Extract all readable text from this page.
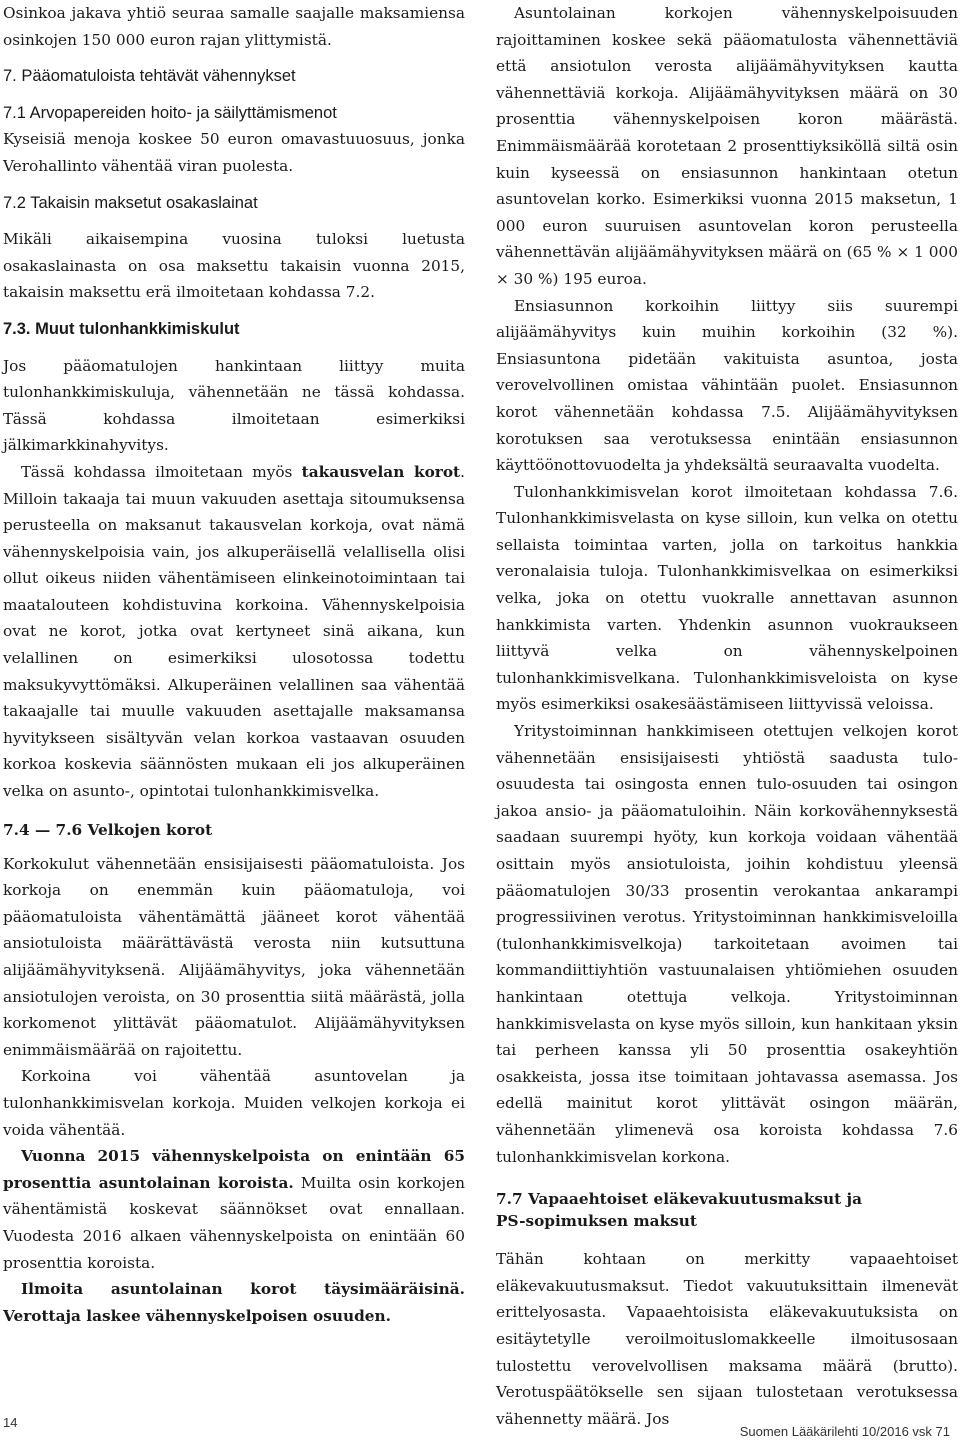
Osinkoa jakava yhtiö seuraa samalle saajalle maksamiensa osinkojen 150 000 euron rajan ylittymistä.

7. Pääomatuloista tehtävät vähennykset
7.1 Arvopapereiden hoito- ja säilyttämismenot

Kyseisiä menoja koskee 50 euron omavastuuosuus, jonka Verohallinto vähentää viran puolesta.

7.2 Takaisin maksetut osakaslainat

Mikäli aikaisempina vuosina tuloksi luetusta osakaslainasta on osa maksettu takaisin vuonna 2015, takaisin maksettu erä ilmoitetaan kohdassa 7.2.

7.3. Muut tulonhankkimiskulut

Jos pääomatulojen hankintaan liittyy muita tulonhankkimiskuluja, vähennetään ne tässä kohdassa. Tässä kohdassa ilmoitetaan esimerkiksi jälkimarkkinahyvitys.

Tässä kohdassa ilmoitetaan myös takausvelan korot. Milloin takaaja tai muun vakuuden asettaja sitoumuksensa perusteella on maksanut takausvelan korkoja, ovat nämä vähennyskelpoisia vain, jos alkuperäisellä velallisella olisi ollut oikeus niiden vähentämiseen elinkeinotoimintaan tai maatalouteen kohdistuvina korkoina. Vähennyskelpoisia ovat ne korot, jotka ovat kertyneet sinä aikana, kun velallinen on esimerkiksi ulosotossa todettu maksukyvyttömäksi. Alkuperäinen velallinen saa vähentää takaajalle tai muulle vakuuden asettajalle maksamansa hyvitykseen sisältyvän velan korkoa vastaavan osuuden korkoa koskevia säännösten mukaan eli jos alkuperäinen velka on asunto-, opintotai tulonhankkimisvelka.

7.4 — 7.6 Velkojen korot

Korkokulut vähennetään ensisijaisesti pääomatuloista. Jos korkoja on enemmän kuin pääomatuloja, voi pääomatuloista vähentämättä jääneet korot vähentää ansiotuloista määrättävästä verosta niin kutsuttuna alijäämähyvityksenä. Alijäämähyvitys, joka vähennetään ansiotulojen veroista, on 30 prosenttia siitä määrästä, jolla korkomenot ylittävät pääomatulot. Alijäämähyvityksen enimmäismäärää on rajoitettu.

Korkoina voi vähentää asuntovelan ja tulonhankkimisvelan korkoja. Muiden velkojen korkoja ei voida vähentää.

Vuonna 2015 vähennyskelpoista on enintään 65 prosenttia asuntolainan koroista. Muilta osin korkojen vähentämistä koskevat säännökset ovat ennallaan. Vuodesta 2016 alkaen vähennyskelpoista on enintään 60 prosenttia koroista.

Ilmoita asuntolainan korot täysimääräisinä. Verottaja laskee vähennyskelpoisen osuuden.

Asuntolainan korkojen vähennyskelpoisuuden rajoittaminen koskee sekä pääomatulosta vähennettäviä että ansiotulon verosta alijäämähyvityksen kautta vähennettäviä korkoja. Alijäämähyvityksen määrä on 30 prosenttia vähennyskelpoisen koron määrästä. Enimmäismäärää korotetaan 2 prosenttiyksiköllä siltä osin kuin kyseessä on ensiasunnon hankintaan otetun asuntovelan korko. Esimerkiksi vuonna 2015 maksetun, 1 000 euron suuruisen asuntovelan koron perusteella vähennettävän alijäämähyvityksen määrä on (65 % × 1 000 × 30 %) 195 euroa.

Ensiasunnon korkoihin liittyy siis suurempi alijäämähyvitys kuin muihin korkoihin (32 %). Ensiasuntona pidetään vakituista asuntoa, josta verovelvollinen omistaa vähintään puolet. Ensiasunnon korot vähennetään kohdassa 7.5. Alijäämähyvityksen korotuksen saa verotuksessa enintään ensiasunnon käyttöönottovuodelta ja yhdeksältä seuraavalta vuodelta.

Tulonhankkimisvelan korot ilmoitetaan kohdassa 7.6. Tulonhankkimisvelasta on kyse silloin, kun velka on otettu sellaista toimintaa varten, jolla on tarkoitus hankkia veronalaisia tuloja. Tulonhankkimisvelkaa on esimerkiksi velka, joka on otettu vuokralle annettavan asunnon hankkimista varten. Yhdenkin asunnon vuokraukseen liittyvä velka on vähennyskelpoinen tulonhankkimisvelkana. Tulonhankkimisveloista on kyse myös esimerkiksi osakesäästämiseen liittyvissä veloissa.

Yritystoiminnan hankkimiseen otettujen velkojen korot vähennetään ensisijaisesti yhtiöstä saadusta tulo-osuudesta tai osingosta ennen tulo-osuuden tai osingon jakoa ansio- ja pääomatuloihin. Näin korkovähennyksestä saadaan suurempi hyöty, kun korkoja voidaan vähentää osittain myös ansiotuloista, joihin kohdistuu yleensä pääomatulojen 30/33 prosentin verokantaa ankarampi progressiivinen verotus. Yritystoiminnan hankkimisveloilla (tulonhankkimisvelkoja) tarkoitetaan avoimen tai kommandiittiyhtiön vastuunalaisen yhtiömiehen osuuden hankintaan otettuja velkoja. Yritystoiminnan hankkimisvelasta on kyse myös silloin, kun hankitaan yksin tai perheen kanssa yli 50 prosenttia osakeyhtiön osakkeista, jossa itse toimitaan johtavassa asemassa. Jos edellä mainitut korot ylittävät osingon määrän, vähennetään ylimenevä osa koroista kohdassa 7.6 tulonhankkimisvelan korkona.

7.7 Vapaaehtoiset eläkevakuutusmaksut ja
PS-sopimuksen maksut

Tähän kohtaan on merkitty vapaaehtoiset eläkevakuutusmaksut. Tiedot vakuutuksittain ilmenevät erittelyosasta. Vapaaehtoisista eläkevakuutuksista on esitäytetylle veroilmoituslomakkeelle ilmoitusosaan tulostettu verovelvollisen maksama määrä (brutto). Verotuspäätökselle sen sijaan tulostetaan verotuksessa vähennetty määrä. Jos

14
Suomen Lääkärilehti 10/2016 vsk 71
